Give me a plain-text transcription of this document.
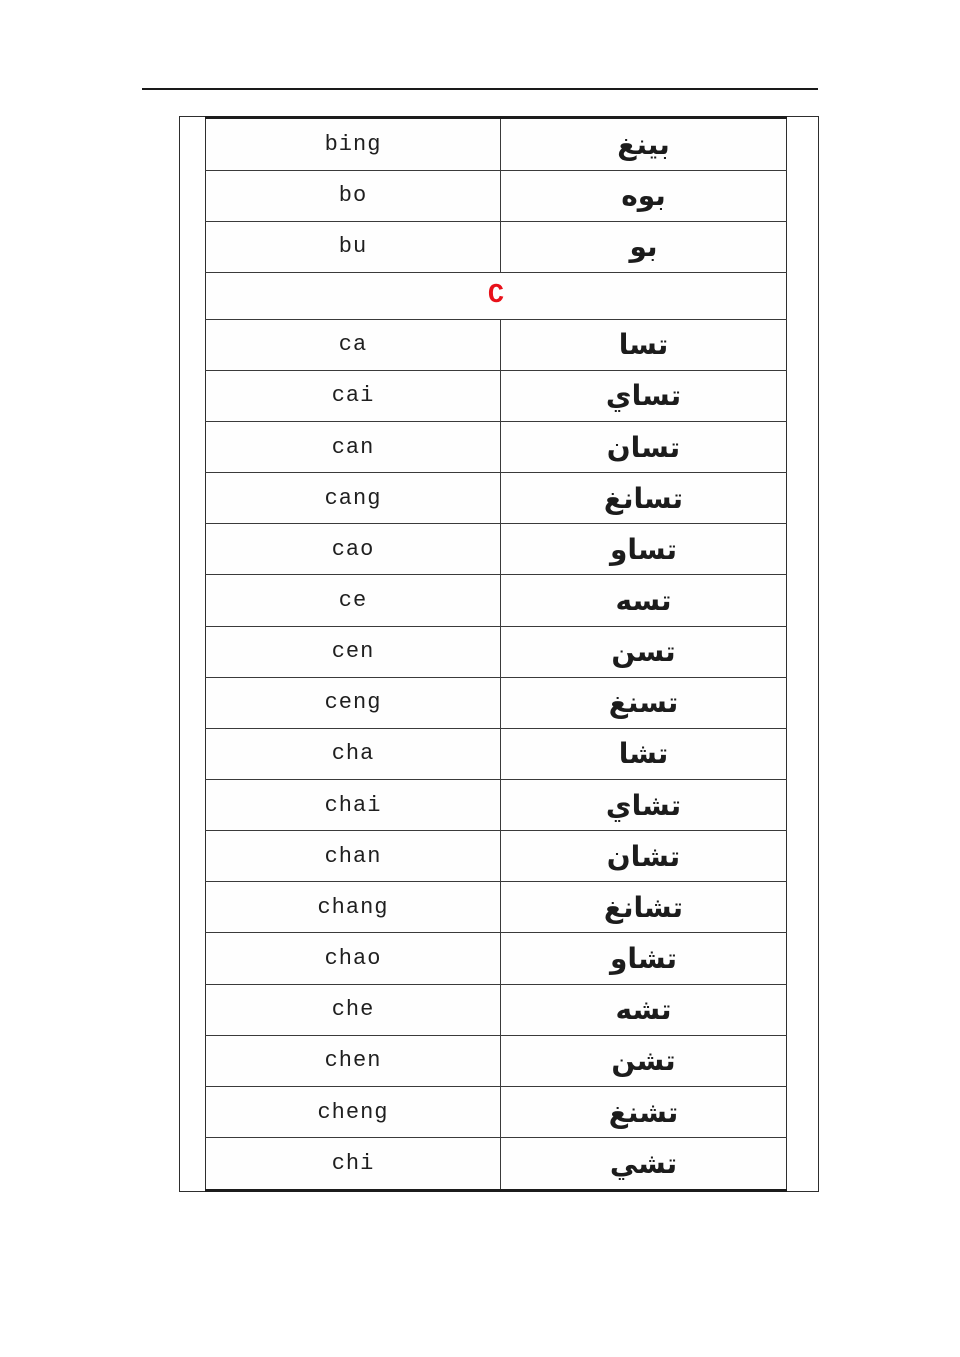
bing	بينغ
bo	بوه
bu	بو
C	
ca	تسا
cai	تساي
can	تسان
cang	تسانغ
cao	تساو
ce	تسه
cen	تسن
ceng	تسنغ
cha	تشا
chai	تشاي
chan	تشان
chang	تشانغ
chao	تشاو
che	تشه
chen	تشن
cheng	تشنغ
chi	تشي
